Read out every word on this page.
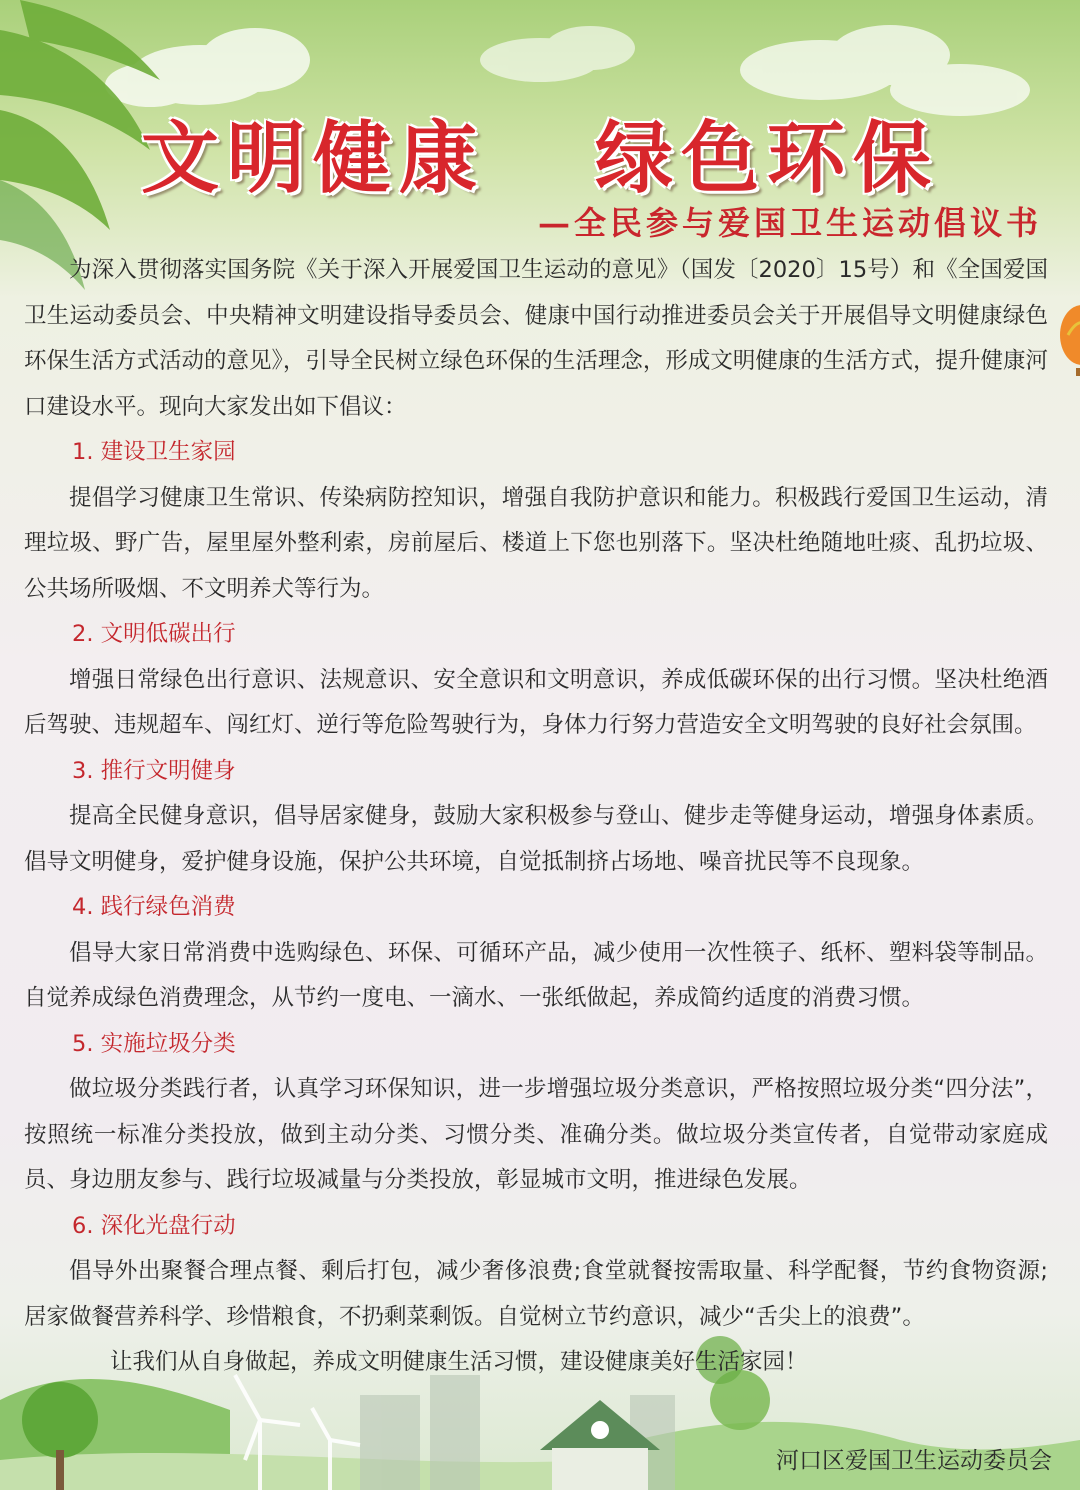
文明健康 绿色环保

—全民参与爱国卫生运动倡议书

为深入贯彻落实国务院《关于深入开展爱国卫生运动的意见》（国发〔2020〕15号）和《全国爱国卫生运动委员会、中央精神文明建设指导委员会、健康中国行动推进委员会关于开展倡导文明健康绿色环保生活方式活动的意见》，引导全民树立绿色环保的生活理念，形成文明健康的生活方式，提升健康河口建设水平。现向大家发出如下倡议：

1. 建设卫生家园

提倡学习健康卫生常识、传染病防控知识，增强自我防护意识和能力。积极践行爱国卫生运动，清理垃圾、野广告，屋里屋外整利索，房前屋后、楼道上下您也别落下。坚决杜绝随地吐痰、乱扔垃圾、公共场所吸烟、不文明养犬等行为。

2. 文明低碳出行

增强日常绿色出行意识、法规意识、安全意识和文明意识，养成低碳环保的出行习惯。坚决杜绝酒后驾驶、违规超车、闯红灯、逆行等危险驾驶行为，身体力行努力营造安全文明驾驶的良好社会氛围。

3. 推行文明健身

提高全民健身意识，倡导居家健身，鼓励大家积极参与登山、健步走等健身运动，增强身体素质。倡导文明健身，爱护健身设施，保护公共环境，自觉抵制挤占场地、噪音扰民等不良现象。

4. 践行绿色消费

倡导大家日常消费中选购绿色、环保、可循环产品，减少使用一次性筷子、纸杯、塑料袋等制品。自觉养成绿色消费理念，从节约一度电、一滴水、一张纸做起，养成简约适度的消费习惯。

5. 实施垃圾分类

做垃圾分类践行者，认真学习环保知识，进一步增强垃圾分类意识，严格按照垃圾分类“四分法”，按照统一标准分类投放，做到主动分类、习惯分类、准确分类。做垃圾分类宣传者，自觉带动家庭成员、身边朋友参与、践行垃圾减量与分类投放，彰显城市文明，推进绿色发展。

6. 深化光盘行动

倡导外出聚餐合理点餐、剩后打包，减少奢侈浪费;食堂就餐按需取量、科学配餐，节约食物资源;居家做餐营养科学、珍惜粮食，不扔剩菜剩饭。自觉树立节约意识，减少“舌尖上的浪费”。

让我们从自身做起，养成文明健康生活习惯，建设健康美好生活家园！

河口区爱国卫生运动委员会
